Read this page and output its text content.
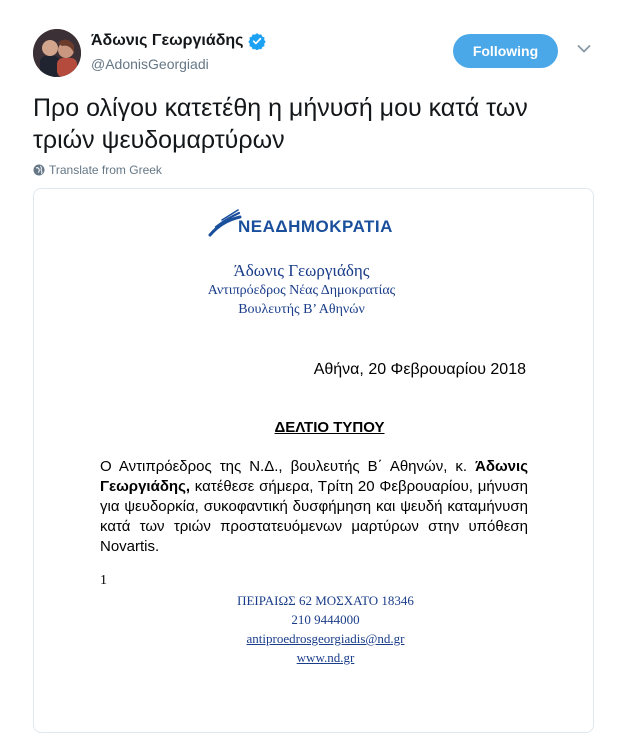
Άδωνις Γεωργιάδης
@AdonisGeorgiadi
Following
Προ ολίγου κατετέθη η μήνυσή μου κατά των τριών ψευδομαρτύρων
Translate from Greek
ΝΕΑΔΗΜΟΚΡΑΤΙΑ
Άδωνις Γεωργιάδης
Αντιπρόεδρος Νέας Δημοκρατίας
Βουλευτής Β’ Αθηνών
Αθήνα, 20 Φεβρουαρίου 2018
ΔΕΛΤΙΟ ΤΥΠΟΥ
Ο Αντιπρόεδρος της Ν.Δ., βουλευτής Β΄ Αθηνών, κ. Άδωνις Γεωργιάδης, κατέθεσε σήμερα, Τρίτη 20 Φεβρουαρίου, μήνυση για ψευδορκία, συκοφαντική δυσφήμηση και ψευδή καταμήνυση κατά των τριών προστατευόμενων μαρτύρων στην υπόθεση Novartis.
1
ΠΕΙΡΑΙΩΣ 62 ΜΟΣΧΑΤΟ 18346
210 9444000
antiproedrosgeorgiadis@nd.gr
www.nd.gr
